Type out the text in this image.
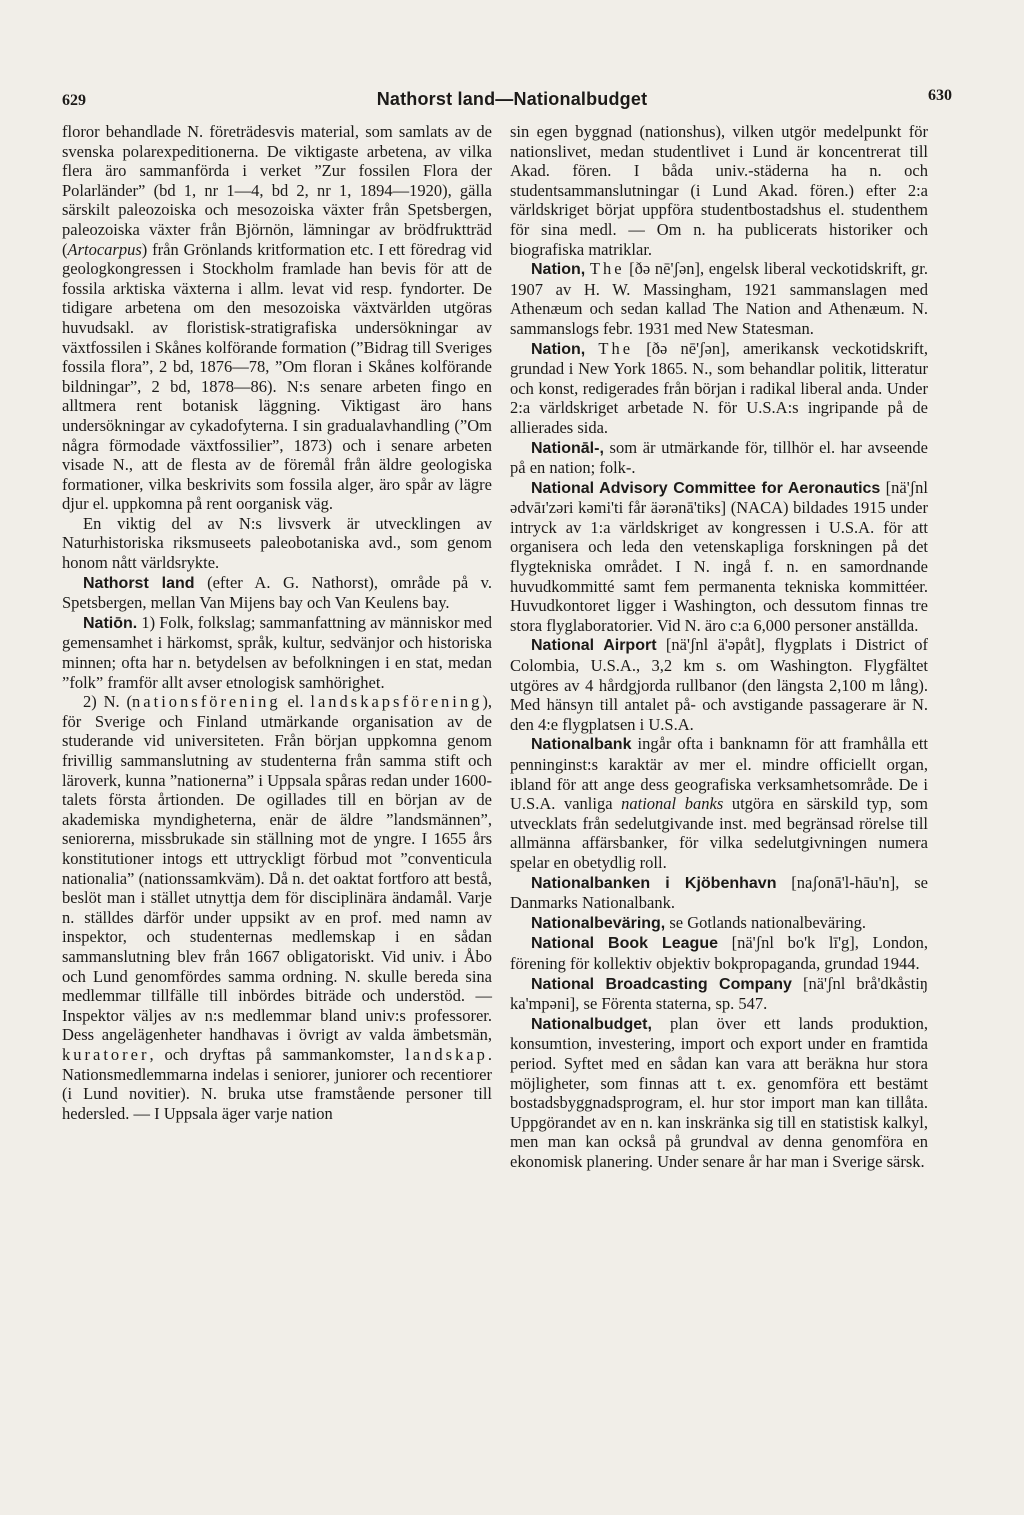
629	Nathorst land—Nationalbudget	630

floror behandlade N. företrädesvis material, som samlats av de svenska polarexpeditionerna. De viktigaste arbetena, av vilka flera äro sammanförda i verket ”Zur fossilen Flora der Polarländer” (bd 1, nr 1—4, bd 2, nr 1, 1894—1920), gälla särskilt paleozoiska och mesozoiska växter från Spetsbergen, paleozoiska växter från Björnön, lämningar av brödfruktträd (Artocarpus) från Grönlands kritformation etc. I ett föredrag vid geologkongressen i Stockholm framlade han bevis för att de fossila arktiska växterna i allm. levat vid resp. fyndorter. De tidigare arbetena om den mesozoiska växtvärlden utgöras huvudsakl. av floristisk-stratigrafiska undersökningar av växtfossilen i Skånes kolförande formation (”Bidrag till Sveriges fossila flora”, 2 bd, 1876—78, ”Om floran i Skånes kolförande bildningar”, 2 bd, 1878—86). N:s senare arbeten fingo en alltmera rent botanisk läggning. Viktigast äro hans undersökningar av cykadofyterna. I sin gradualavhandling (”Om några förmodade växtfossilier”, 1873) och i senare arbeten visade N., att de flesta av de föremål från äldre geologiska formationer, vilka beskrivits som fossila alger, äro spår av lägre djur el. uppkomna på rent oorganisk väg.

En viktig del av N:s livsverk är utvecklingen av Naturhistoriska riksmuseets paleobotaniska avd., som genom honom nått världsrykte.

Nathorst land (efter A. G. Nathorst), område på v. Spetsbergen, mellan Van Mijens bay och Van Keulens bay.

Natiōn. 1) Folk, folkslag; sammanfattning av människor med gemensamhet i härkomst, språk, kultur, sedvänjor och historiska minnen; ofta har n. betydelsen av befolkningen i en stat, medan ”folk” framför allt avser etnologisk samhörighet.

2) N. (nationsförening el. landskapsförening), för Sverige och Finland utmärkande organisation av de studerande vid universiteten. Från början uppkomna genom frivillig sammanslutning av studenterna från samma stift och läroverk, kunna ”nationerna” i Uppsala spåras redan under 1600-talets första årtionden. De ogillades till en början av de akademiska myndigheterna, enär de äldre ”landsmännen”, seniorerna, missbrukade sin ställning mot de yngre. I 1655 års konstitutioner intogs ett uttryckligt förbud mot ”conventicula nationalia” (nationssamkväm). Då n. det oaktat fortforo att bestå, beslöt man i stället utnyttja dem för disciplinära ändamål. Varje n. ställdes därför under uppsikt av en prof. med namn av inspektor, och studenternas medlemskap i en sådan sammanslutning blev från 1667 obligatoriskt. Vid univ. i Åbo och Lund genomfördes samma ordning. N. skulle bereda sina medlemmar tillfälle till inbördes biträde och understöd. — Inspektor väljes av n:s medlemmar bland univ:s professorer. Dess angelägenheter handhavas i övrigt av valda ämbetsmän, kuratorer, och dryftas på sammankomster, landskap. Nationsmedlemmarna indelas i seniorer, juniorer och recentiorer (i Lund novitier). N. bruka utse framstående personer till hedersled. — I Uppsala äger varje nation

sin egen byggnad (nationshus), vilken utgör medelpunkt för nationslivet, medan studentlivet i Lund är koncentrerat till Akad. fören. I båda univ.-städerna ha n. och studentsammanslutningar (i Lund Akad. fören.) efter 2:a världskriget börjat uppföra studentbostadshus el. studenthem för sina medl. — Om n. ha publicerats historiker och biografiska matriklar.

Nation, The [ðə nē'ʃən], engelsk liberal veckotidskrift, gr. 1907 av H. W. Massingham, 1921 sammanslagen med Athenæum och sedan kallad The Nation and Athenæum. N. sammanslogs febr. 1931 med New Statesman.

Nation, The [ðə nē'ʃən], amerikansk veckotidskrift, grundad i New York 1865. N., som behandlar politik, litteratur och konst, redigerades från början i radikal liberal anda. Under 2:a världskriget arbetade N. för U.S.A:s ingripande på de allierades sida.

Nationāl-, som är utmärkande för, tillhör el. har avseende på en nation; folk-.

National Advisory Committee for Aeronautics [nä'ʃnl ədvāɪ'zəri kəmi'ti får äərənā'tiks] (NACA) bildades 1915 under intryck av 1:a världskriget av kongressen i U.S.A. för att organisera och leda den vetenskapliga forskningen på det flygtekniska området. I N. ingå f. n. en samordnande huvudkommitté samt fem permanenta tekniska kommittéer. Huvudkontoret ligger i Washington, och dessutom finnas tre stora flyglaboratorier. Vid N. äro c:a 6,000 personer anställda.

National Airport [nä'ʃnl ä'əpåt], flygplats i District of Colombia, U.S.A., 3,2 km s. om Washington. Flygfältet utgöres av 4 hårdgjorda rullbanor (den längsta 2,100 m lång). Med hänsyn till antalet på- och avstigande passagerare är N. den 4:e flygplatsen i U.S.A.

Nationalbank ingår ofta i banknamn för att framhålla ett penninginst:s karaktär av mer el. mindre officiellt organ, ibland för att ange dess geografiska verksamhetsområde. De i U.S.A. vanliga national banks utgöra en särskild typ, som utvecklats från sedelutgivande inst. med begränsad rörelse till allmänna affärsbanker, för vilka sedelutgivningen numera spelar en obetydlig roll.

Nationalbanken i Kjöbenhavn [naʃonā'l-hāu'n], se Danmarks Nationalbank.

Nationalbeväring, se Gotlands nationalbeväring.

National Book League [nä'ʃnl bo'k lī'g], London, förening för kollektiv objektiv bokpropaganda, grundad 1944.

National Broadcasting Company [nä'ʃnl brå'dkåstiŋ ka'mpəni], se Förenta staterna, sp. 547.

Nationalbudget, plan över ett lands produktion, konsumtion, investering, import och export under en framtida period. Syftet med en sådan kan vara att beräkna hur stora möjligheter, som finnas att t. ex. genomföra ett bestämt bostadsbyggnadsprogram, el. hur stor import man kan tillåta. Uppgörandet av en n. kan inskränka sig till en statistisk kalkyl, men man kan också på grundval av denna genomföra en ekonomisk planering. Under senare år har man i Sverige särsk.
